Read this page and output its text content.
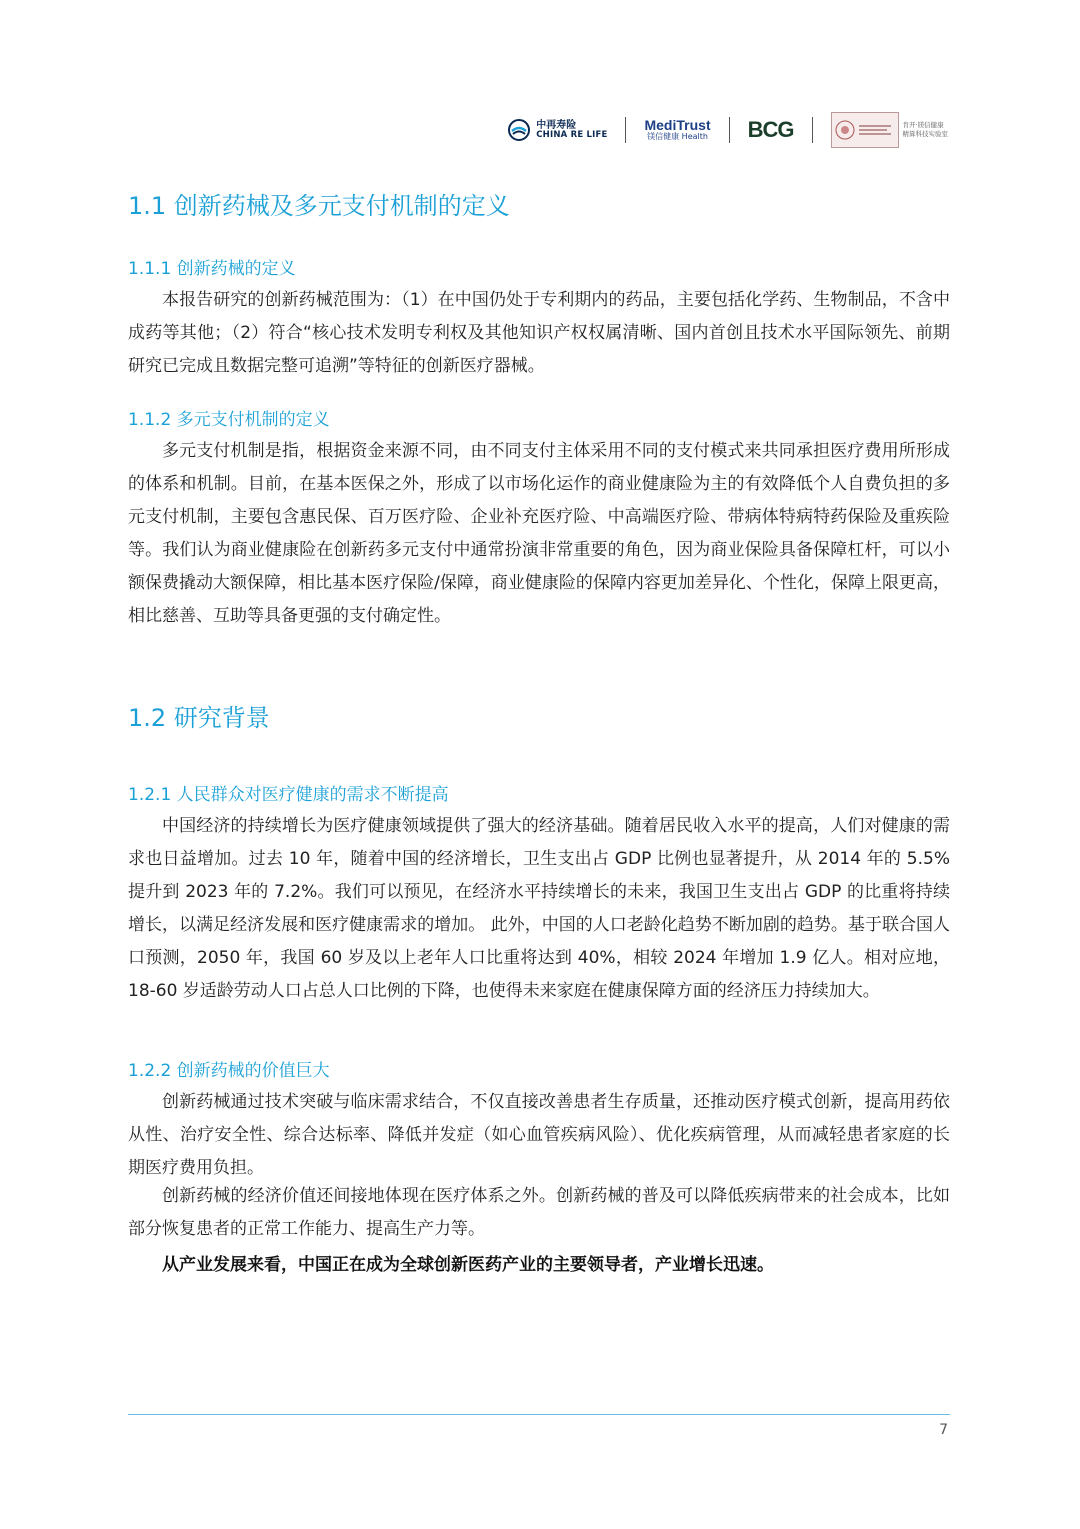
中再寿险
CHINA RE LIFE
MediTrust
镁信健康 Health BCG	肯开·镁信健康
精算科技实验室
1.1 创新药械及多元支付机制的定义
1.1.1 创新药械的定义

本报告研究的创新药械范围为：（1）在中国仍处于专利期内的药品，主要包括化学药、生物制品，不含中成药等其他；（2）符合“核心技术发明专利权及其他知识产权权属清晰、国内首创且技术水平国际领先、前期研究已完成且数据完整可追溯”等特征的创新医疗器械。

1.1.2 多元支付机制的定义

多元支付机制是指，根据资金来源不同，由不同支付主体采用不同的支付模式来共同承担医疗费用所形成的体系和机制。目前，在基本医保之外，形成了以市场化运作的商业健康险为主的有效降低个人自费负担的多元支付机制，主要包含惠民保、百万医疗险、企业补充医疗险、中高端医疗险、带病体特病特药保险及重疾险等。我们认为商业健康险在创新药多元支付中通常扮演非常重要的角色，因为商业保险具备保障杠杆，可以小额保费撬动大额保障，相比基本医疗保险/保障，商业健康险的保障内容更加差异化、个性化，保障上限更高，相比慈善、互助等具备更强的支付确定性。

1.2 研究背景
1.2.1 人民群众对医疗健康的需求不断提高

中国经济的持续增长为医疗健康领域提供了强大的经济基础。随着居民收入水平的提高，人们对健康的需求也日益增加。过去 10 年，随着中国的经济增长，卫生支出占 GDP 比例也显著提升，从 2014 年的 5.5%提升到 2023 年的 7.2%。我们可以预见，在经济水平持续增长的未来，我国卫生支出占 GDP 的比重将持续增长，以满足经济发展和医疗健康需求的增加。 此外，中国的人口老龄化趋势不断加剧的趋势。基于联合国人口预测，2050 年，我国 60 岁及以上老年人口比重将达到 40%，相较 2024 年增加 1.9 亿人。相对应地，18-60 岁适龄劳动人口占总人口比例的下降，也使得未来家庭在健康保障方面的经济压力持续加大。

1.2.2 创新药械的价值巨大

创新药械通过技术突破与临床需求结合，不仅直接改善患者生存质量，还推动医疗模式创新，提高用药依从性、治疗安全性、综合达标率、降低并发症（如心血管疾病风险）、优化疾病管理，从而减轻患者家庭的长期医疗费用负担。

创新药械的经济价值还间接地体现在医疗体系之外。创新药械的普及可以降低疾病带来的社会成本，比如部分恢复患者的正常工作能力、提高生产力等。

从产业发展来看，中国正在成为全球创新医药产业的主要领导者，产业增长迅速。

7
